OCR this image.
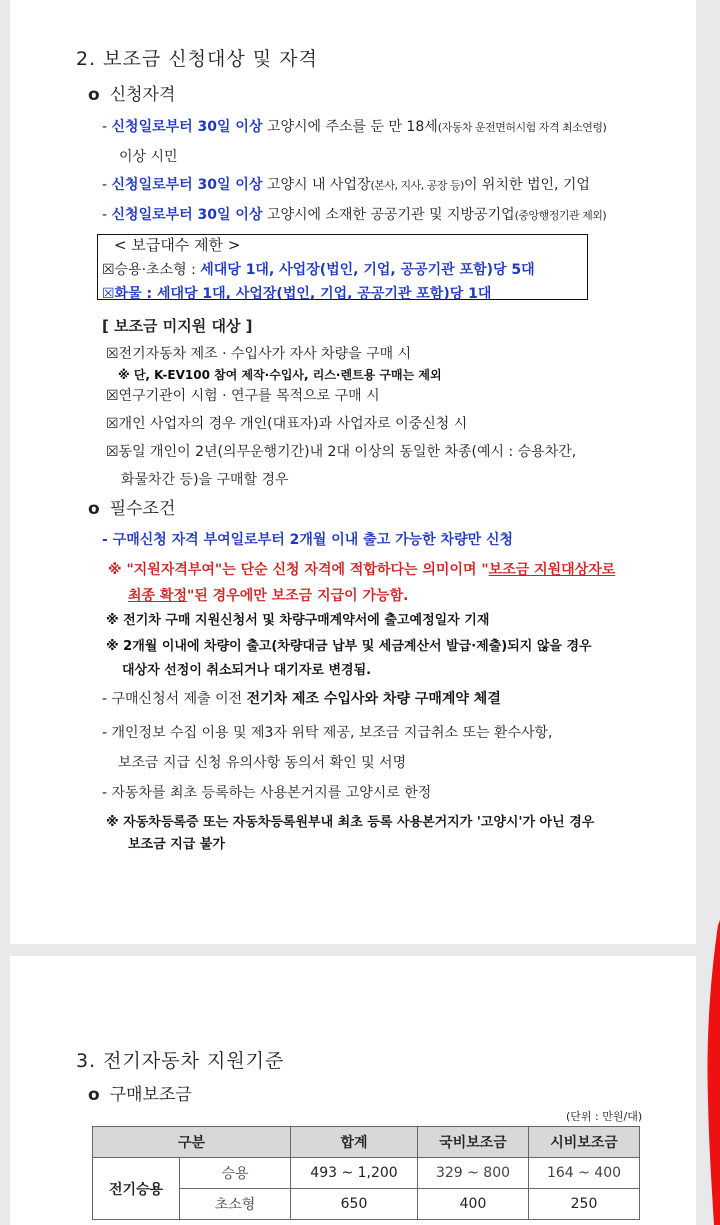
2. 보조금 신청대상 및 자격
o 신청자격
- 신청일로부터 30일 이상 고양시에 주소를 둔 만 18세(자동차 운전면허시험 자격 최소연령)
이상 시민
- 신청일로부터 30일 이상 고양시 내 사업장(본사, 지사, 공장 등)이 위치한 법인, 기업
- 신청일로부터 30일 이상 고양시에 소재한 공공기관 및 지방공기업(중앙행정기관 제외)
< 보급대수 제한 >
☒승용·초소형 : 세대당 1대, 사업장(법인, 기업, 공공기관 포함)당 5대
☒화물 : 세대당 1대, 사업장(법인, 기업, 공공기관 포함)당 1대
[ 보조금 미지원 대상 ]
☒전기자동차 제조 · 수입사가 자사 차량을 구매 시
※ 단, K-EV100 참여 제작·수입사, 리스·렌트용 구매는 제외
☒연구기관이 시험 · 연구를 목적으로 구매 시
☒개인 사업자의 경우 개인(대표자)과 사업자로 이중신청 시
☒동일 개인이 2년(의무운행기간)내 2대 이상의 동일한 차종(예시 : 승용차간,
화물차간 등)을 구매할 경우
o 필수조건
- 구매신청 자격 부여일로부터 2개월 이내 출고 가능한 차량만 신청
※ "지원자격부여"는 단순 신청 자격에 적합하다는 의미이며 "보조금 지원대상자로
최종 확정"된 경우에만 보조금 지급이 가능함.
※ 전기차 구매 지원신청서 및 차량구매계약서에 출고예정일자 기재
※ 2개월 이내에 차량이 출고(차량대금 납부 및 세금계산서 발급·제출)되지 않을 경우
대상자 선정이 취소되거나 대기자로 변경됨.
- 구매신청서 제출 이전 전기차 제조 수입사와 차량 구매계약 체결
- 개인정보 수집 이용 및 제3자 위탁 제공, 보조금 지급취소 또는 환수사항,
보조금 지급 신청 유의사항 동의서 확인 및 서명
- 자동차를 최초 등록하는 사용본거지를 고양시로 한정
※ 자동차등록증 또는 자동차등록원부내 최초 등록 사용본거지가 '고양시'가 아닌 경우
보조금 지급 불가
3. 전기자동차 지원기준
o 구매보조금
(단위 : 만원/대)
구분		합계	국비보조금	시비보조금
전기승용	승용	493 ~ 1,200	329 ~ 800	164 ~ 400
	초소형	650	400	250
